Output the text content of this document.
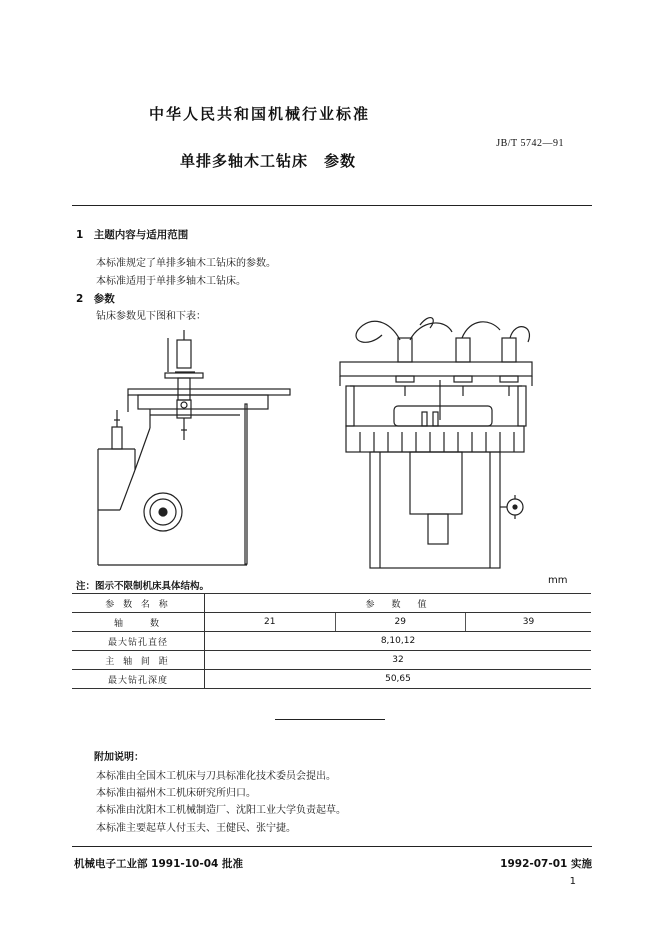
中华人民共和国机械行业标准
JB/T 5742—91
单排多轴木工钻床　参数
1　主题内容与适用范围
本标准规定了单排多轴木工钻床的参数。
本标准适用于单排多轴木工钻床。
2　参数
钻床参数见下图和下表：
注：图示不限制机床具体结构。
mm
参 数 名 称	参　数　值		
轴　　数	21	29	39
最大钻孔直径	8,10,12		
主 轴 间 距	32		
最大钻孔深度	50,65		
附加说明：
本标准由全国木工机床与刀具标准化技术委员会提出。
本标准由福州木工机床研究所归口。
本标准由沈阳木工机械制造厂、沈阳工业大学负责起草。
本标准主要起草人付玉夫、王健民、张宁捷。
机械电子工业部 1991-10-04 批准	1992-07-01 实施
1
